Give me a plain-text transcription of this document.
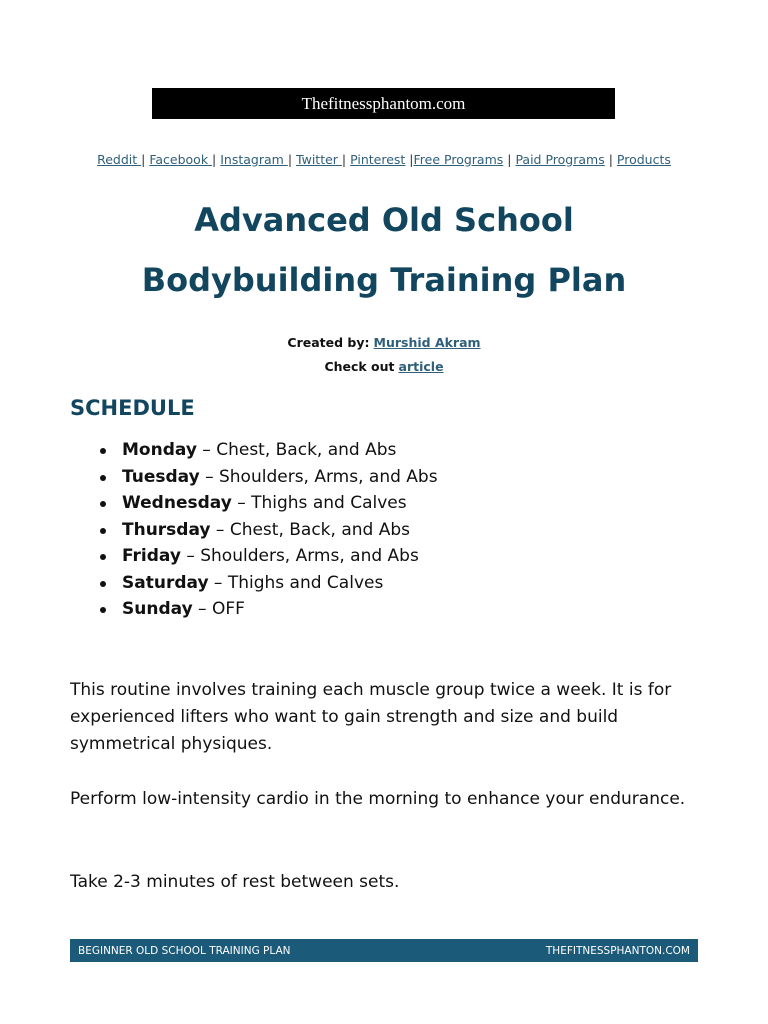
Thefitnessphantom.com
Reddit | Facebook | Instagram | Twitter | Pinterest |Free Programs | Paid Programs | Products
Advanced Old School
Bodybuilding Training Plan
Created by: Murshid Akram
Check out article
SCHEDULE
Monday – Chest, Back, and Abs
Tuesday – Shoulders, Arms, and Abs
Wednesday – Thighs and Calves
Thursday – Chest, Back, and Abs
Friday – Shoulders, Arms, and Abs
Saturday – Thighs and Calves
Sunday – OFF

This routine involves training each muscle group twice a week. It is for experienced lifters who want to gain strength and size and build symmetrical physiques.

Perform low-intensity cardio in the morning to enhance your endurance.

Take 2-3 minutes of rest between sets.

BEGINNER OLD SCHOOL TRAINING PLAN	THEFITNESSPHANTON.COM
